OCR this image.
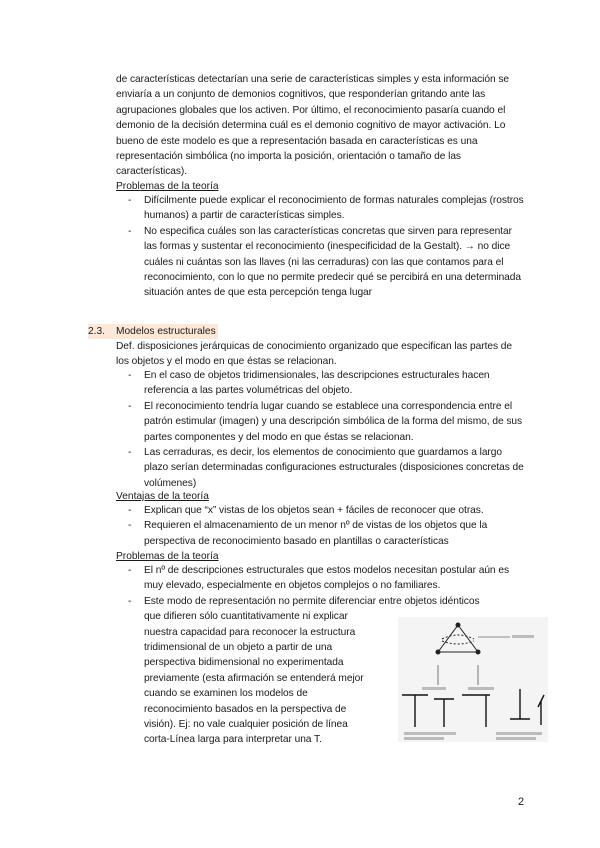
de características detectarían una serie de características simples y esta información se enviaría a un conjunto de demonios cognitivos, que responderían gritando ante las agrupaciones globales que los activen. Por último, el reconocimiento pasaría cuando el demonio de la decisión determina cuál es el demonio cognitivo de mayor activación. Lo bueno de este modelo es que a representación basada en características es una representación simbólica (no importa la posición, orientación o tamaño de las características).

Problemas de la teoría
- Difícilmente puede explicar el reconocimiento de formas naturales complejas (rostros humanos) a partir de características simples.
- No especifica cuáles son las características concretas que sirven para representar las formas y sustentar el reconocimiento (inespecificidad de la Gestalt). → no dice cuáles ni cuántas son las llaves (ni las cerraduras) con las que contamos para el reconocimiento, con lo que no permite predecir qué se percibirá en una determinada situación antes de que esta percepción tenga lugar
2.3. Modelos estructurales
Def. disposiciones jerárquicas de conocimiento organizado que especifican las partes de los objetos y el modo en que éstas se relacionan.
- En el caso de objetos tridimensionales, las descripciones estructurales hacen referencia a las partes volumétricas del objeto.
- El reconocimiento tendría lugar cuando se establece una correspondencia entre el patrón estimular (imagen) y una descripción simbólica de la forma del mismo, de sus partes componentes y del modo en que éstas se relacionan.
- Las cerraduras, es decir, los elementos de conocimiento que guardamos a largo plazo serían determinadas configuraciones estructurales (disposiciones concretas de volúmenes)
Ventajas de la teoría
- Explican que “x” vistas de los objetos sean + fáciles de reconocer que otras.
- Requieren el almacenamiento de un menor nº de vistas de los objetos que la perspectiva de reconocimiento basado en plantillas o características
Problemas de la teoría
- El nº de descripciones estructurales que estos modelos necesitan postular aún es muy elevado, especialmente en objetos complejos o no familiares.
- Este modo de representación no permite diferenciar entre objetos idénticos
que difieren sólo cuantitativamente ni explicar
nuestra capacidad para reconocer la estructura
tridimensional de un objeto a partir de una
perspectiva bidimensional no experimentada
previamente (esta afirmación se entenderá mejor
cuando se examinen los modelos de
reconocimiento basados en la perspectiva de
visión). Ej: no vale cualquier posición de línea
corta-Línea larga para interpretar una T.
2
